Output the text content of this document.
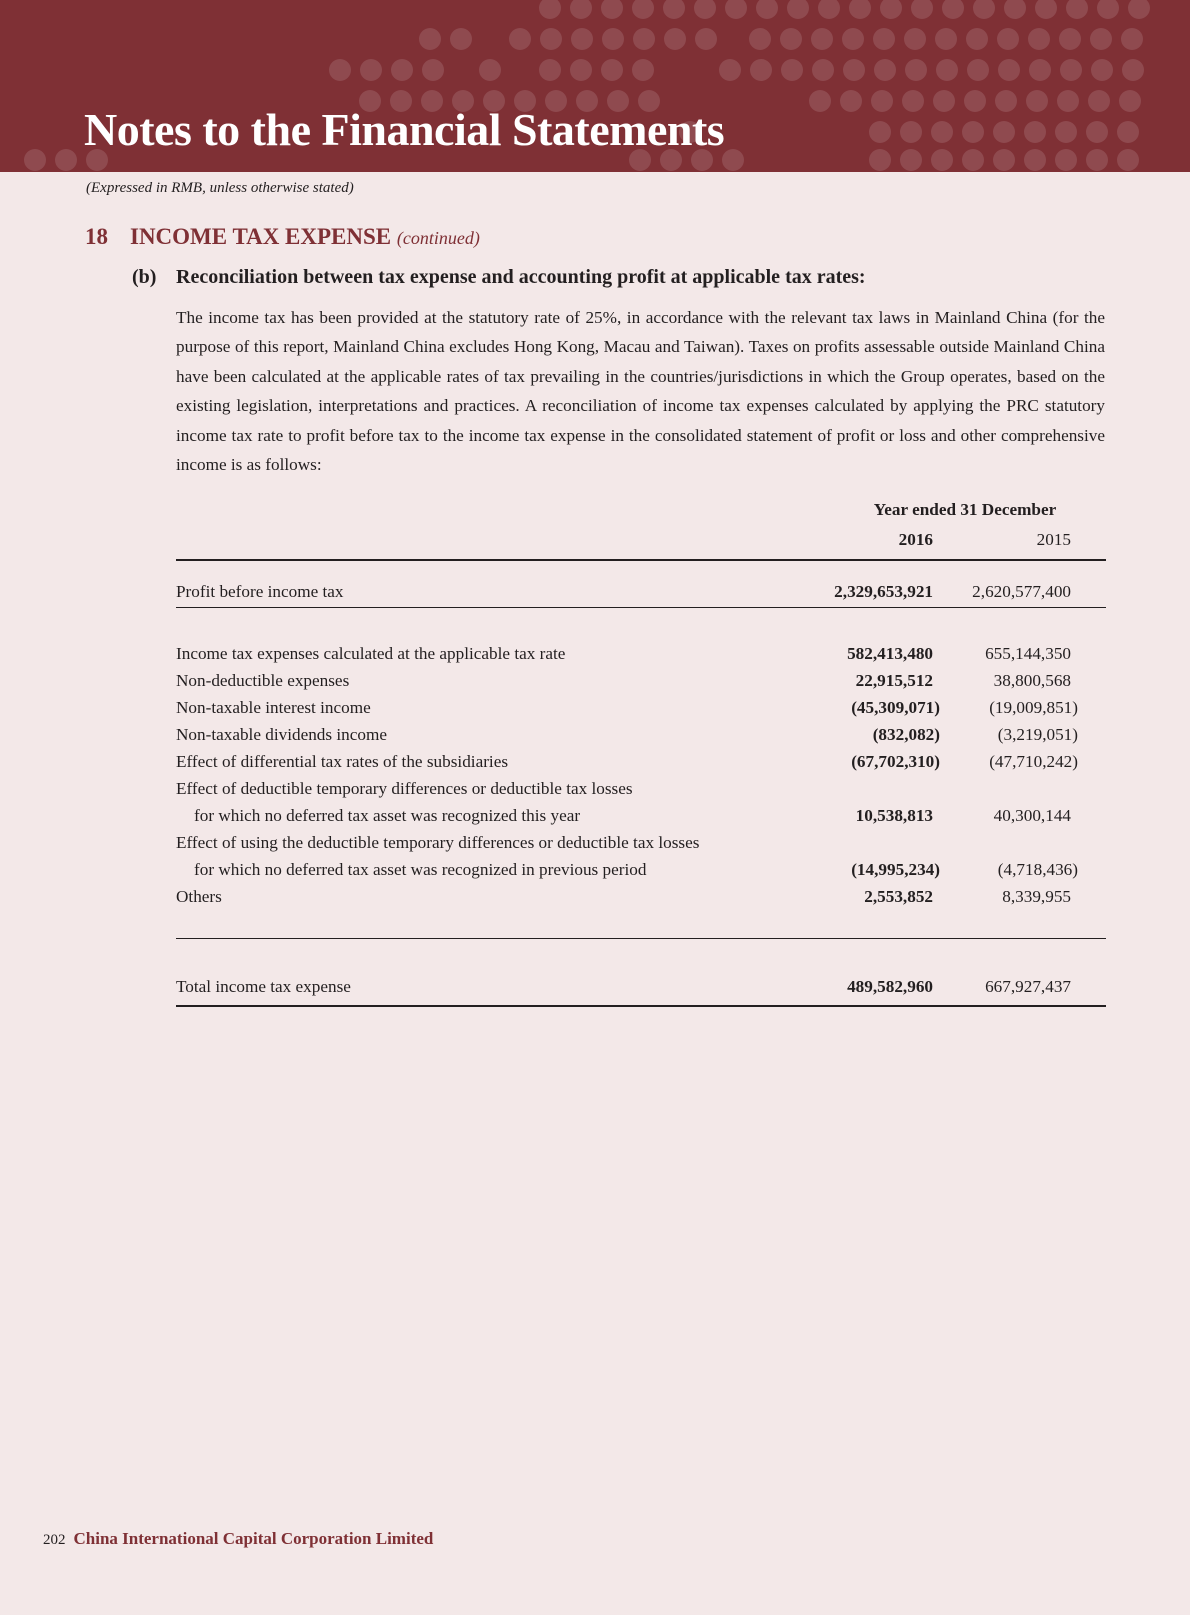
Notes to the Financial Statements
(Expressed in RMB, unless otherwise stated)
18 INCOME TAX EXPENSE (continued)
(b) Reconciliation between tax expense and accounting profit at applicable tax rates:

The income tax has been provided at the statutory rate of 25%, in accordance with the relevant tax laws in Mainland China (for the purpose of this report, Mainland China excludes Hong Kong, Macau and Taiwan). Taxes on profits assessable outside Mainland China have been calculated at the applicable rates of tax prevailing in the countries/jurisdictions in which the Group operates, based on the existing legislation, interpretations and practices. A reconciliation of income tax expenses calculated by applying the PRC statutory income tax rate to profit before tax to the income tax expense in the consolidated statement of profit or loss and other comprehensive income is as follows:

Year ended 31 December
2016	2015
Profit before income tax	2,329,653,921 2,620,577,400
Income tax expenses calculated at the applicable tax rate	582,413,480	655,144,350
Non-deductible expenses	22,915,512	38,800,568
Non-taxable interest income	(45,309,071)	(19,009,851)
Non-taxable dividends income	(832,082)	(3,219,051)
Effect of differential tax rates of the subsidiaries	(67,702,310)	(47,710,242)
Effect of deductible temporary differences or deductible tax losses
for which no deferred tax asset was recognized this year	10,538,813	40,300,144
Effect of using the deductible temporary differences or deductible tax losses
for which no deferred tax asset was recognized in previous period	(14,995,234)	(4,718,436)
Others	2,553,852	8,339,955
Total income tax expense	489,582,960	667,927,437
202 China International Capital Corporation Limited
